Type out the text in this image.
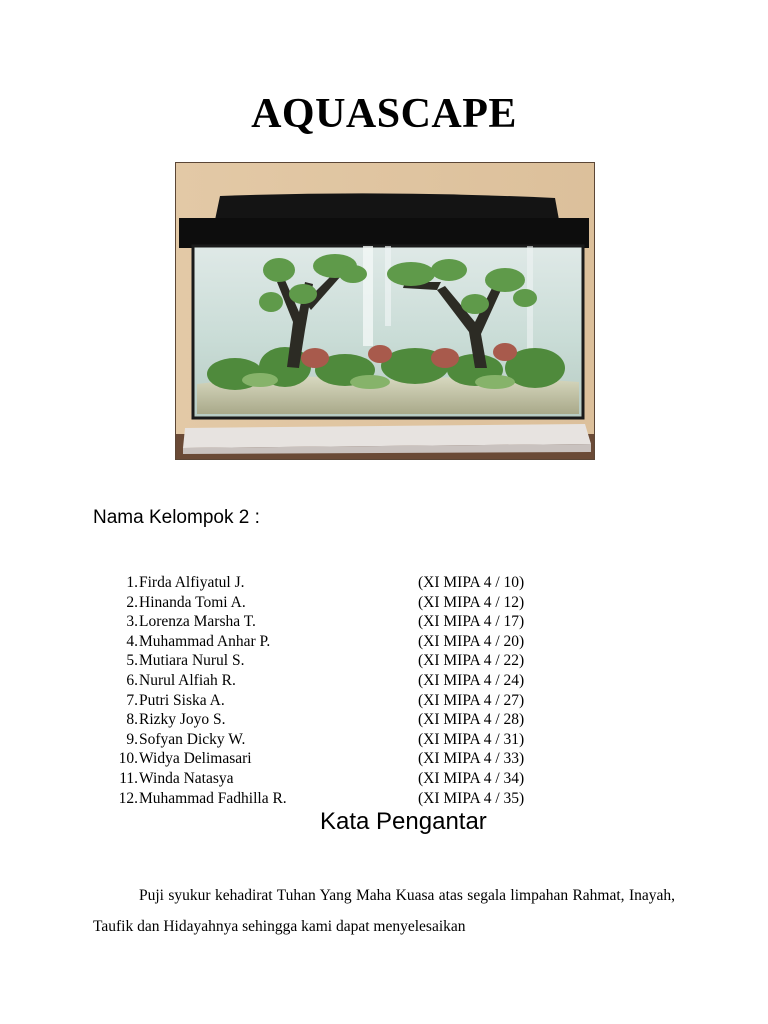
AQUASCAPE
Nama Kelompok 2 :
1. Firda Alfiyatul J.	(XI MIPA 4 / 10)
2. Hinanda Tomi A.	(XI MIPA 4 / 12)
3. Lorenza Marsha T.	(XI MIPA 4 / 17)
4. Muhammad Anhar P.	(XI MIPA 4 / 20)
5. Mutiara Nurul S.	(XI MIPA 4 / 22)
6. Nurul Alfiah R.	(XI MIPA 4 / 24)
7. Putri Siska A.	(XI MIPA 4 / 27)
8. Rizky Joyo S.	(XI MIPA 4 / 28)
9. Sofyan Dicky W.	(XI MIPA 4 / 31)
10. Widya Delimasari	(XI MIPA 4 / 33)
11. Winda Natasya	(XI MIPA 4 / 34)
12. Muhammad Fadhilla R.	(XI MIPA 4 / 35)
Kata Pengantar

Puji syukur kehadirat Tuhan Yang Maha Kuasa atas segala limpahan Rahmat, Inayah, Taufik dan Hidayahnya sehingga kami dapat menyelesaikan
